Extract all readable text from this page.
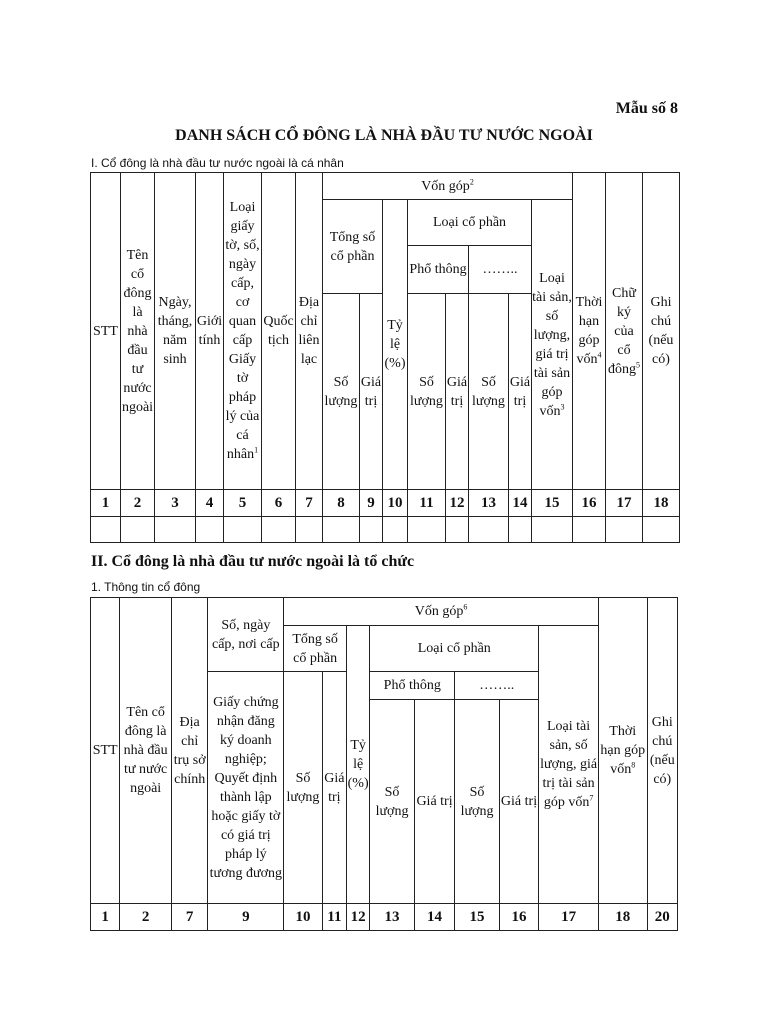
Mẫu số 8
DANH SÁCH CỔ ĐÔNG LÀ NHÀ ĐẦU TƯ NƯỚC NGOÀI
I. Cổ đông là nhà đầu tư nước ngoài là cá nhân
STT	Tên cổ đông là nhà đầu tư nước ngoài	Ngày, tháng, năm sinh	Giới tính	Loại giấy tờ, số, ngày cấp, cơ quan cấp Giấy tờ pháp lý của cá nhân$^1$	Quốc tịch	Địa chỉ liên lạc	Vốn góp$^2$								Thời hạn góp vốn$^4$	Chữ ký của cổ đông$^5$	Ghi chú (nếu có)
							Tổng số cổ phần		Tỷ lệ (%)	Loại cổ phần				Loại tài sản, số lượng, giá trị tài sản góp vốn$^3$
										Phổ thông		……..					
							Số lượng	Giá trị		Số lượng	Giá trị	Số lượng	Giá trị				
1	2	3	4	5	6	7	8	9	10	11	12	13	14	15	16	17	18

II. Cổ đông là nhà đầu tư nước ngoài là tổ chức
1. Thông tin cổ đông
STT	Tên cổ đông là nhà đầu tư nước ngoài	Địa chỉ trụ sở chính	Số, ngày cấp, nơi cấp	Vốn góp$^6$								Thời hạn góp vốn$^8$	Ghi chú (nếu có)
				Tổng số cổ phần		Tỷ lệ (%)	Loại cổ phần				Loại tài sản, số lượng, giá trị tài sản góp vốn$^7$
			Giấy chứng nhận đăng ký doanh nghiệp; Quyết định thành lập hoặc giấy tờ có giá trị pháp lý tương đương	Số lượng	Giá trị		Phổ thông		……..				
							Số lượng	Giá trị	Số lượng	Giá trị			
1	2	7	9	10	11	12	13	14	15	16	17	18	20
